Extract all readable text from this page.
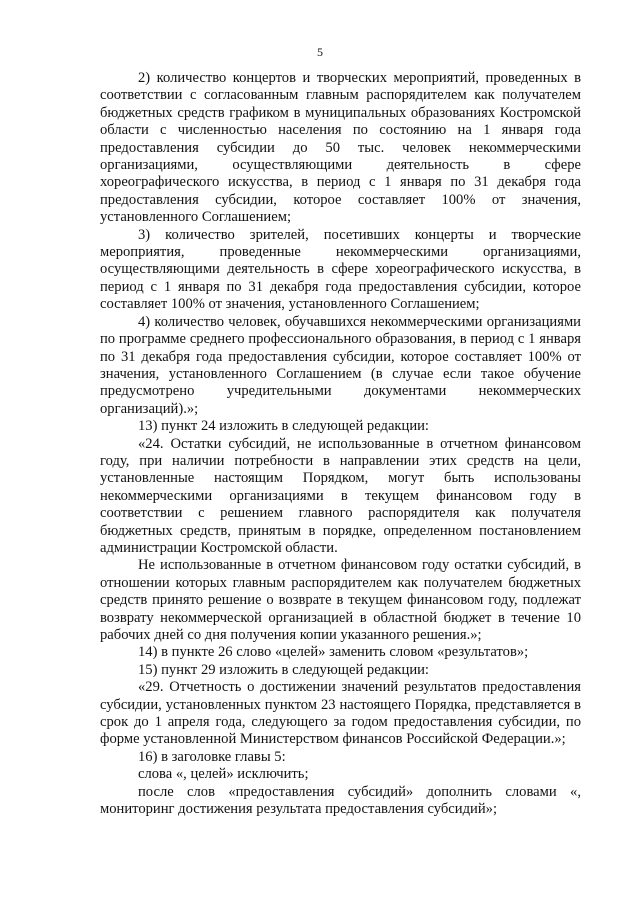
5

2) количество концертов и творческих мероприятий, проведенных в соответствии с согласованным главным распорядителем как получателем бюджетных средств графиком в муниципальных образованиях Костромской области с численностью населения по состоянию на 1 января года предоставления субсидии до 50 тыс. человек некоммерческими организациями, осуществляющими деятельность в сфере хореографического искусства, в период с 1 января по 31 декабря года предоставления субсидии, которое составляет 100% от значения, установленного Соглашением;

3) количество зрителей, посетивших концерты и творческие мероприятия, проведенные некоммерческими организациями, осуществляющими деятельность в сфере хореографического искусства, в период с 1 января по 31 декабря года предоставления субсидии, которое составляет 100% от значения, установленного Соглашением;

4) количество человек, обучавшихся некоммерческими организациями по программе среднего профессионального образования, в период с 1 января по 31 декабря года предоставления субсидии, которое составляет 100% от значения, установленного Соглашением (в случае если такое обучение предусмотрено учредительными документами некоммерческих организаций).»;

13) пункт 24 изложить в следующей редакции:

«24. Остатки субсидий, не использованные в отчетном финансовом году, при наличии потребности в направлении этих средств на цели, установленные настоящим Порядком, могут быть использованы некоммерческими организациями в текущем финансовом году в соответствии с решением главного распорядителя как получателя бюджетных средств, принятым в порядке, определенном постановлением администрации Костромской области.

Не использованные в отчетном финансовом году остатки субсидий, в отношении которых главным распорядителем как получателем бюджетных средств принято решение о возврате в текущем финансовом году, подлежат возврату некоммерческой организацией в областной бюджет в течение 10 рабочих дней со дня получения копии указанного решения.»;

14) в пункте 26 слово «целей» заменить словом «результатов»;

15) пункт 29 изложить в следующей редакции:

«29. Отчетность о достижении значений результатов предоставления субсидии, установленных пунктом 23 настоящего Порядка, представляется в срок до 1 апреля года, следующего за годом предоставления субсидии, по форме установленной Министерством финансов Российской Федерации.»;

16) в заголовке главы 5:

слова «, целей» исключить;

после слов «предоставления субсидий» дополнить словами «, мониторинг достижения результата предоставления субсидий»;
